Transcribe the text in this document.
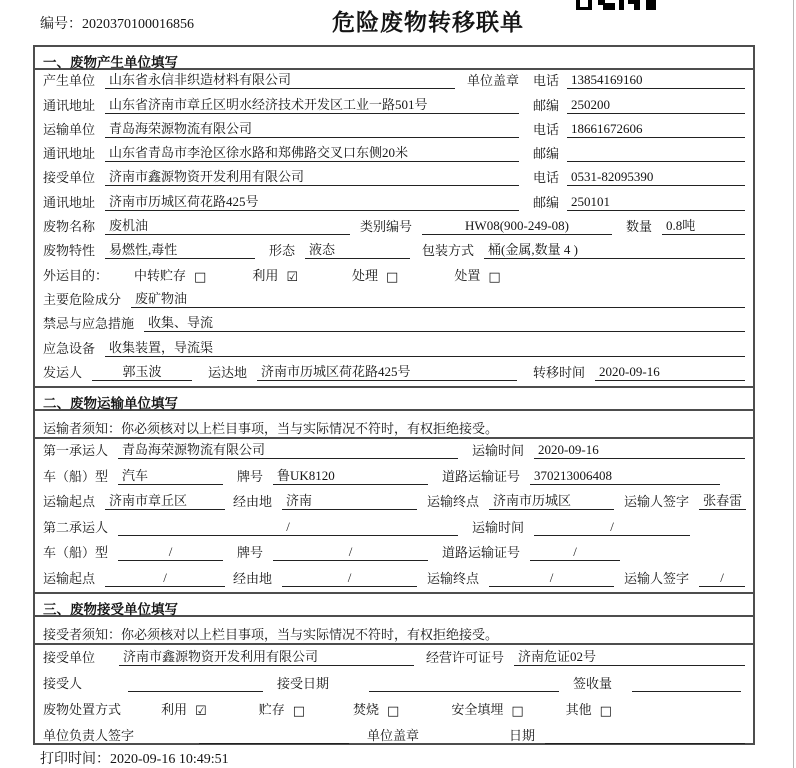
编号：2020370100016856	危险废物转移联单
一、废物产生单位填写
产生单位	山东省永信非织造材料有限公司	单位盖章 电话 13854169160
通讯地址	山东省济南市章丘区明水经济技术开发区工业一路501号	邮编 250200
运输单位	青岛海荣源物流有限公司	电话 18661672606
通讯地址	山东省青岛市李沧区徐水路和郑佛路交叉口东侧20米	邮编
接受单位	济南市鑫源物资开发利用有限公司	电话 0531-82095390
通讯地址	济南市历城区荷花路425号	邮编 250101
废物名称	废机油	类别编号	HW08(900-249-08)	数量	0.8吨
废物特性	易燃性,毒性	形态	液态	包装方式	桶(金属,数量 4 )
外运目的： 中转贮存 □	利用 ☑	处理 □	处置 □
主要危险成分	废矿物油
禁忌与应急措施	收集、导流
应急设备	收集装置，导流渠
发运人	郭玉波	运达地	济南市历城区荷花路425号	转移时间	2020-09-16
二、废物运输单位填写
运输者须知：你必须核对以上栏目事项，当与实际情况不符时，有权拒绝接受。
第一承运人	青岛海荣源物流有限公司	运输时间	2020-09-16
车（船）型	汽车	牌号	鲁UK8120	道路运输证号	370213006408
运输起点	济南市章丘区	经由地	济南	运输终点	济南市历城区	运输人签字	张春雷
第二承运人	/	运输时间	/
车（船）型	/	牌号	/	道路运输证号	/
运输起点	/	经由地	/	运输终点	/	运输人签字	/
三、废物接受单位填写
接受者须知：你必须核对以上栏目事项，当与实际情况不符时，有权拒绝接受。
接受单位	济南市鑫源物资开发利用有限公司	经营许可证号	济南危证02号
接受人	接受日期	签收量
废物处置方式	利用 ☑	贮存 □	焚烧 □	安全填埋 □	其他 □
单位负责人签字	单位盖章	日期
打印时间：2020-09-16 10:49:51
